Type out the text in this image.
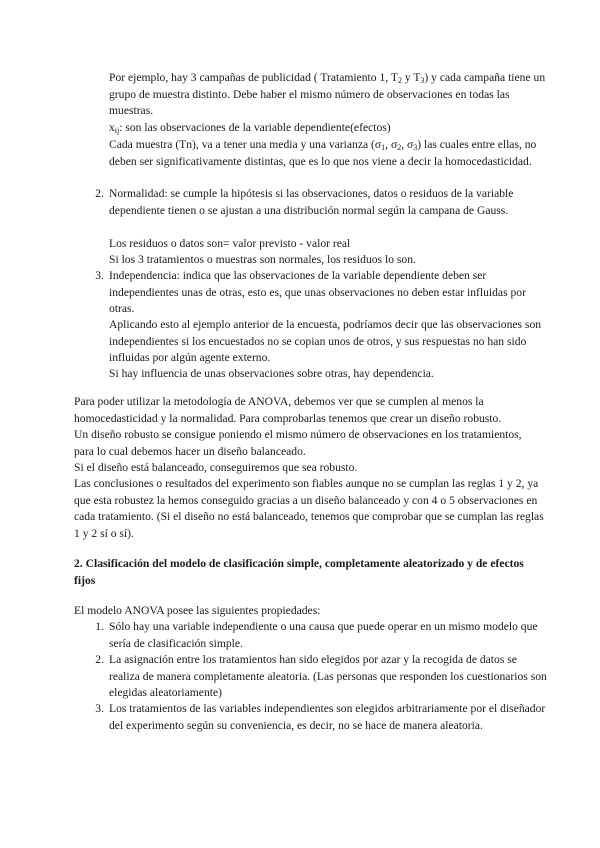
Por ejemplo, hay 3 campañas de publicidad ( Tratamiento 1, $T_2$ y $T_3$) y cada campaña tiene un grupo de muestra distinto. Debe haber el mismo número de observaciones en todas las muestras.
$x_{ij}$: son las observaciones de la variable dependiente(efectos)
Cada muestra (Tn), va a tener una media y una varianza ($\sigma_1$, $\sigma_2$, $\sigma_3$) las cuales entre ellas, no deben ser significativamente distintas, que es lo que nos viene a decir la homocedasticidad.
2. Normalidad: se cumple la hipótesis si las observaciones, datos o residuos de la variable dependiente tienen o se ajustan a una distribución normal según la campana de Gauss.
Los residuos o datos son= valor previsto - valor real
Si los 3 tratamientos o muestras son normales, los residuos lo son.
3. Independencia: indica que las observaciones de la variable dependiente deben ser independientes unas de otras, esto es, que unas observaciones no deben estar influidas por otras.
Aplicando esto al ejemplo anterior de la encuesta, podríamos decir que las observaciones son independientes si los encuestados no se copian unos de otros, y sus respuestas no han sido influidas por algún agente externo.
Si hay influencia de unas observaciones sobre otras, hay dependencia.
Para poder utilizar la metodología de ANOVA, debemos ver que se cumplen al menos la homocedasticidad y la normalidad. Para comprobarlas tenemos que crear un diseño robusto.
Un diseño robusto se consigue poniendo el mismo número de observaciones en los tratamientos, para lo cual debemos hacer un diseño balanceado.
Si el diseño está balanceado, conseguiremos que sea robusto.
Las conclusiones o resultados del experimento son fiables aunque no se cumplan las reglas 1 y 2, ya que esta robustez la hemos conseguido gracias a un diseño balanceado y con 4 o 5 observaciones en cada tratamiento. (Si el diseño no está balanceado, tenemos que comprobar que se cumplan las reglas 1 y 2 sí o sí).
2. Clasificación del modelo de clasificación simple, completamente aleatorizado y de efectos fijos
El modelo ANOVA posee las siguientes propiedades:
1. Sólo hay una variable independiente o una causa que puede operar en un mismo modelo que sería de clasificación simple.
2. La asignación entre los tratamientos han sido elegidos por azar y la recogida de datos se realiza de manera completamente aleatoria. (Las personas que responden los cuestionarios son elegidas aleatoriamente)
3. Los tratamientos de las variables independientes son elegidos arbitrariamente por el diseñador del experimento según su conveniencia, es decir, no se hace de manera aleatoria.
